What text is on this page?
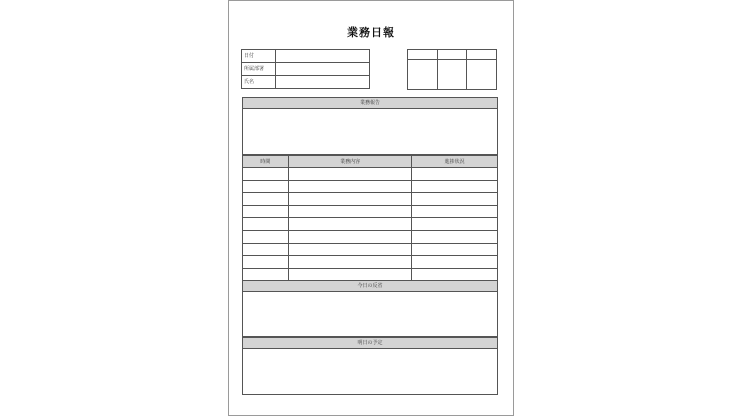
業務日報
日付	
所属部署	
氏名	

業務報告
時間	業務内容	進捗状況

今日の反省
明日の予定
